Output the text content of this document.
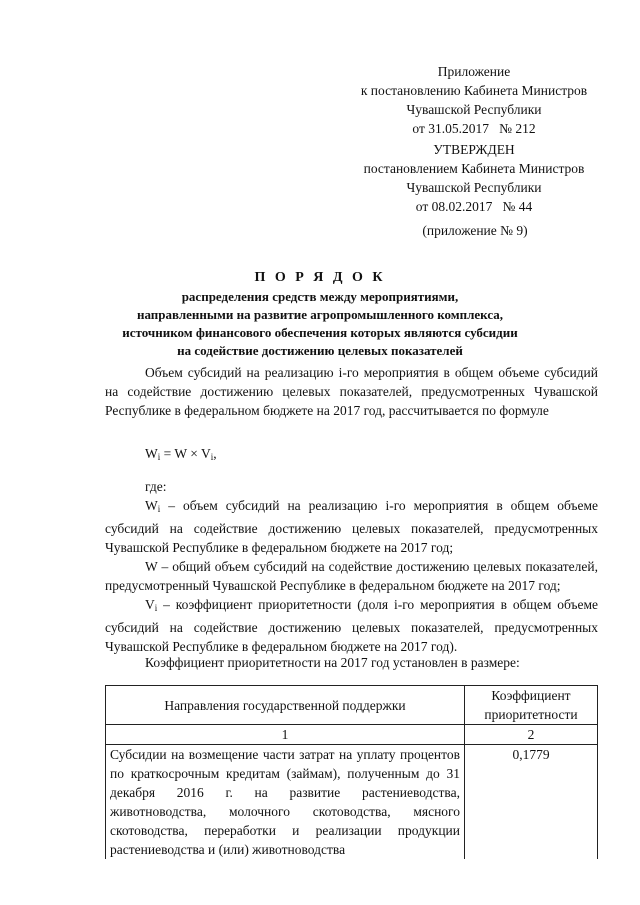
Приложение
к постановлению Кабинета Министров
Чувашской Республики
от 31.05.2017   № 212
УТВЕРЖДЕН
постановлением Кабинета Министров
Чувашской Республики
от 08.02.2017   № 44
(приложение № 9)
П О Р Я Д О К
распределения средств между мероприятиями,
направленными на развитие агропромышленного комплекса,
источником финансового обеспечения которых являются субсидии
на содействие достижению целевых показателей

Объем субсидий на реализацию i-го мероприятия в общем объеме субсидий на содействие достижению целевых показателей, предусмотренных Чувашской Республике в федеральном бюджете на 2017 год, рассчитывается по формуле

$W_i = W \times V_i$,

где:

$W_i$ – объем субсидий на реализацию i-го мероприятия в общем объеме субсидий на содействие достижению целевых показателей, предусмотренных Чувашской Республике в федеральном бюджете на 2017 год;

W – общий объем субсидий на содействие достижению целевых показателей, предусмотренный Чувашской Республике в федеральном бюджете на 2017 год;

$V_i$ – коэффициент приоритетности (доля i-го мероприятия в общем объеме субсидий на содействие достижению целевых показателей, предусмотренных Чувашской Республике в федеральном бюджете на 2017 год).

Коэффициент приоритетности на 2017 год установлен в размере:
Направления государственной поддержки	Коэффициент приоритетности
1	2
Субсидии на возмещение части затрат на уплату процентов по краткосрочным кредитам (займам), полученным до 31 декабря 2016 г. на развитие растениеводства, животноводства, молочного скотоводства, мясного скотоводства, переработки и реализации продукции растениеводства и (или) животноводства	0,1779
